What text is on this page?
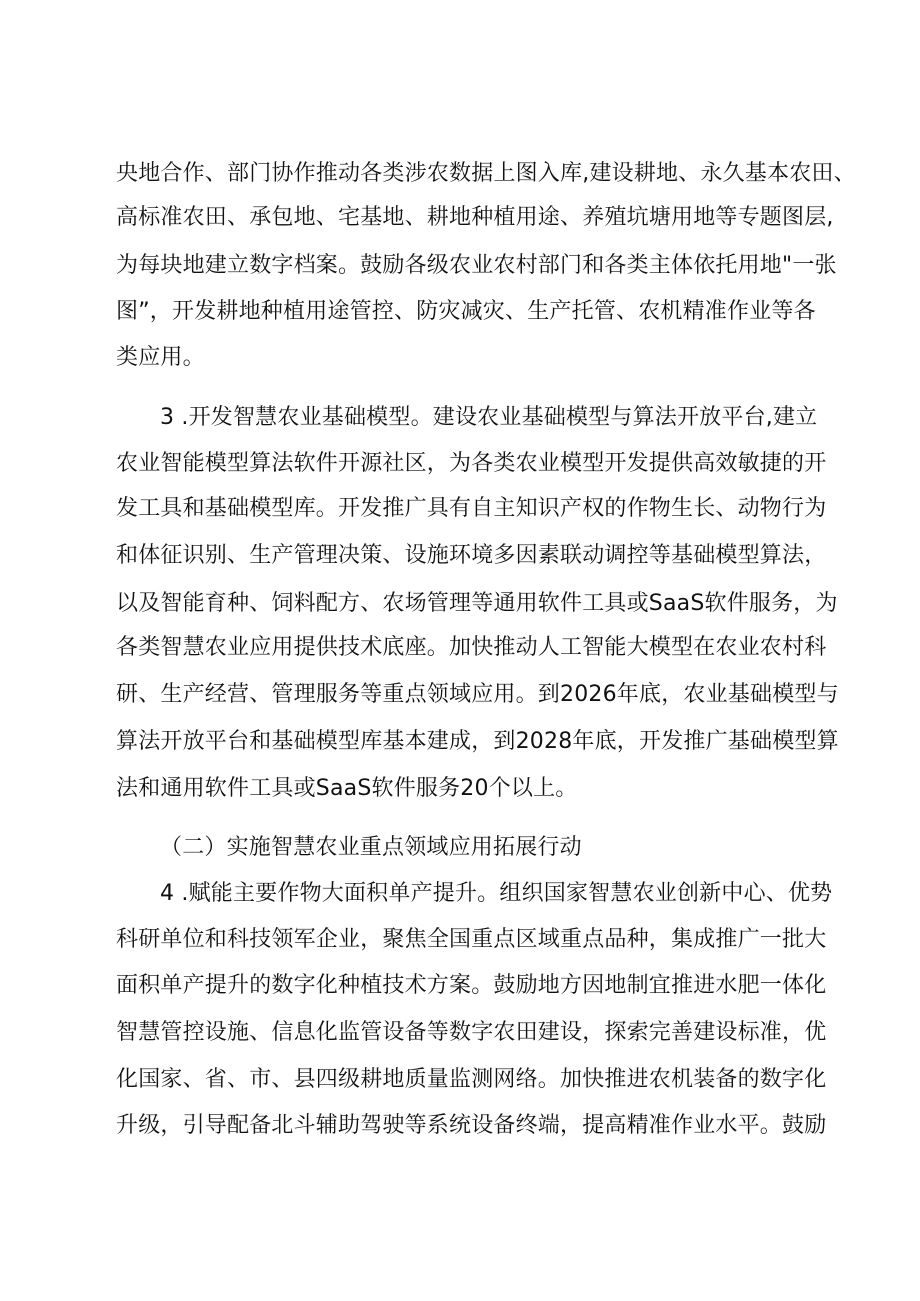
央地合作、部门协作推动各类涉农数据上图入库,建设耕地、永久基本农田、
高标准农田、承包地、宅基地、耕地种植用途、养殖坑塘用地等专题图层,
为每块地建立数字档案。鼓励各级农业农村部门和各类主体依托用地"一张
图”，开发耕地种植用途管控、防灾减灾、生产托管、农机精准作业等各
类应用。
3 .开发智慧农业基础模型。建设农业基础模型与算法开放平台,建立
农业智能模型算法软件开源社区，为各类农业模型开发提供高效敏捷的开
发工具和基础模型库。开发推广具有自主知识产权的作物生长、动物行为
和体征识别、生产管理决策、设施环境多因素联动调控等基础模型算法，
以及智能育种、饲料配方、农场管理等通用软件工具或SaaS软件服务，为
各类智慧农业应用提供技术底座。加快推动人工智能大模型在农业农村科
研、生产经营、管理服务等重点领域应用。到2026年底，农业基础模型与
算法开放平台和基础模型库基本建成，到2028年底，开发推广基础模型算
法和通用软件工具或SaaS软件服务20个以上。
（二）实施智慧农业重点领域应用拓展行动
4 .赋能主要作物大面积单产提升。组织国家智慧农业创新中心、优势
科研单位和科技领军企业，聚焦全国重点区域重点品种，集成推广一批大
面积单产提升的数字化种植技术方案。鼓励地方因地制宜推进水肥一体化
智慧管控设施、信息化监管设备等数字农田建设，探索完善建设标准，优
化国家、省、市、县四级耕地质量监测网络。加快推进农机装备的数字化
升级，引导配备北斗辅助驾驶等系统设备终端，提高精准作业水平。鼓励
